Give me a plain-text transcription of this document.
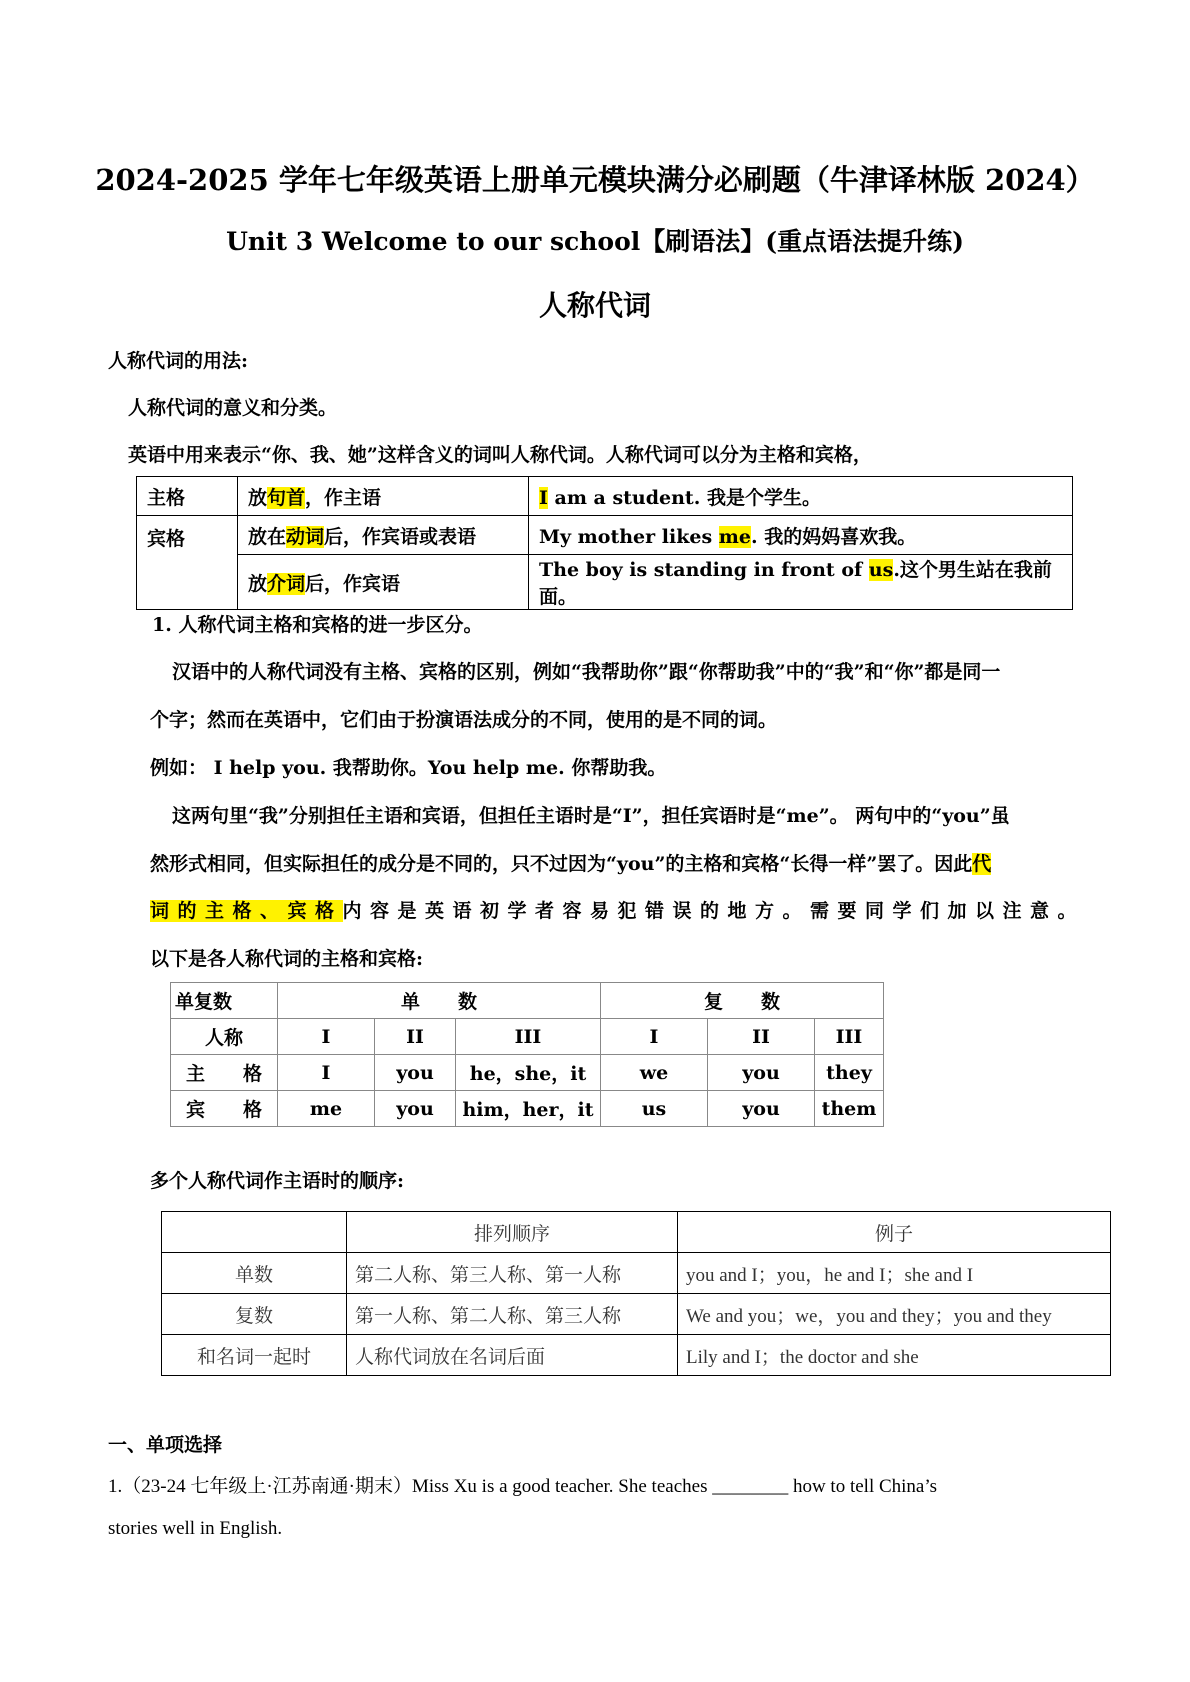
2024-2025 学年七年级英语上册单元模块满分必刷题（牛津译林版 2024）
Unit 3 Welcome to our school【刷语法】(重点语法提升练)
人称代词
人称代词的用法:
人称代词的意义和分类。
英语中用来表示“你、我、她”这样含义的词叫人称代词。人称代词可以分为主格和宾格，
主格	放句首，作主语	I am a student. 我是个学生。
宾格	放在动词后，作宾语或表语	My mother likes me. 我的妈妈喜欢我。
	放介词后，作宾语	The boy is standing in front of us.这个男生站在我前面。
1. 人称代词主格和宾格的进一步区分。
汉语中的人称代词没有主格、宾格的区别，例如“我帮助你”跟“你帮助我”中的“我”和“你”都是同一
个字；然而在英语中，它们由于扮演语法成分的不同，使用的是不同的词。
例如： I help you. 我帮助你。You help me. 你帮助我。
这两句里“我”分别担任主语和宾语，但担任主语时是“I”，担任宾语时是“me”。 两句中的“you”虽
然形式相同，但实际担任的成分是不同的，只不过因为“you”的主格和宾格“长得一样”罢了。因此代
词的主格、宾格内容是英语初学者容易犯错误的地方。需要同学们加以注意。
以下是各人称代词的主格和宾格:
单复数	单　　数			复　　数		
人称	I	II	III	I	II	III
主　　格	I	you	he，she，it	we	you	they
宾　　格	me	you	him，her，it	us	you	them
多个人称代词作主语时的顺序:
	排列顺序	例子
单数	第二人称、第三人称、第一人称	you and I；you，he and I；she and I
复数	第一人称、第二人称、第三人称	We and you；we，you and they；you and they
和名词一起时	人称代词放在名词后面	Lily and I；the doctor and she
一、单项选择
1.（23-24 七年级上·江苏南通·期末）Miss Xu is a good teacher. She teaches ________ how to tell China’s
stories well in English.
